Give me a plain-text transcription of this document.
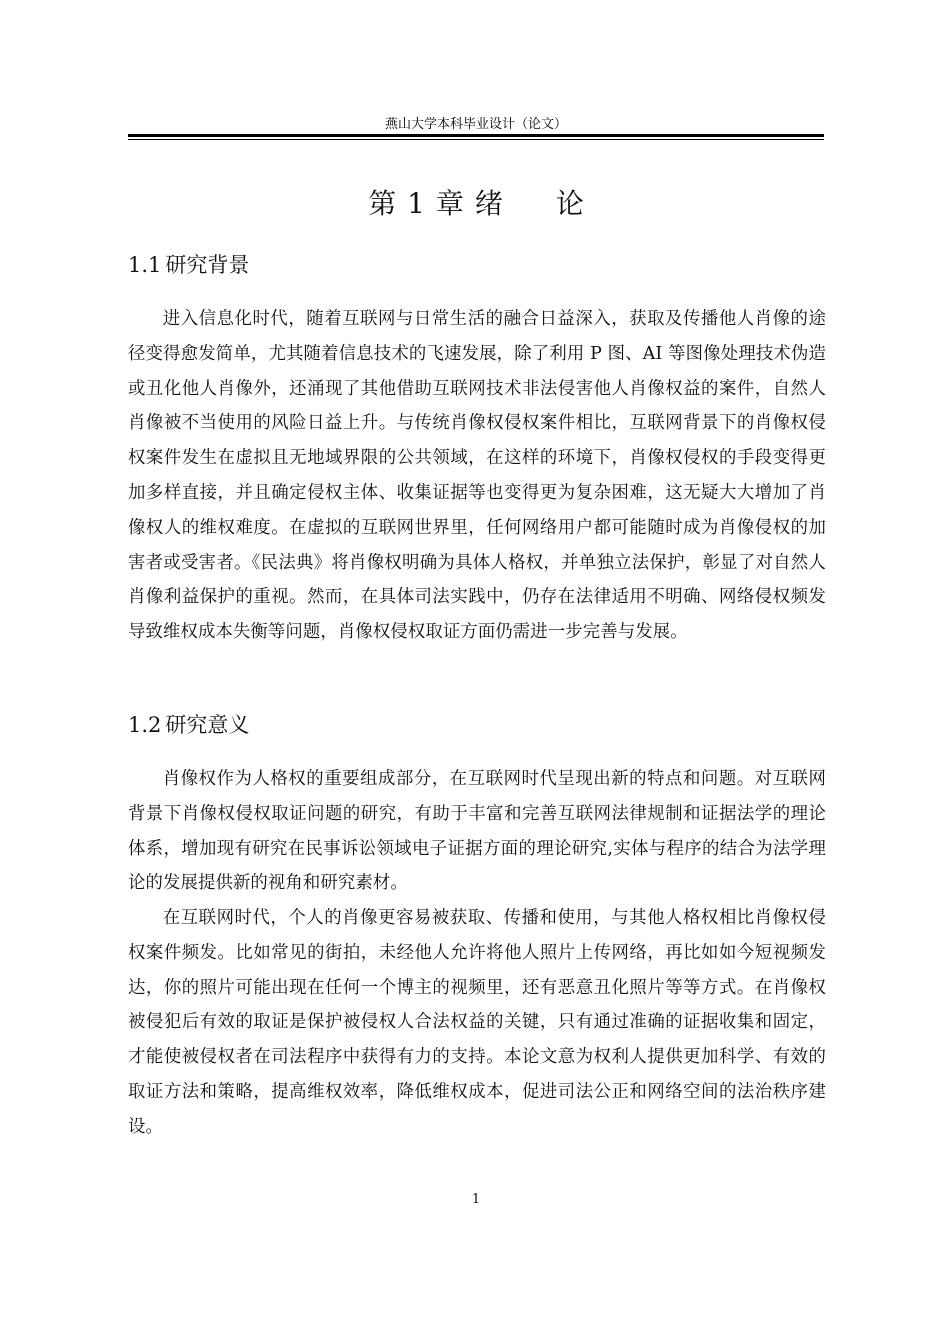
燕山大学本科毕业设计（论文）
第 1 章 绪 论
1.1 研究背景

进入信息化时代，随着互联网与日常生活的融合日益深入，获取及传播他人肖像的途径变得愈发简单，尤其随着信息技术的飞速发展，除了利用 P 图、AI 等图像处理技术伪造或丑化他人肖像外，还涌现了其他借助互联网技术非法侵害他人肖像权益的案件，自然人肖像被不当使用的风险日益上升。与传统肖像权侵权案件相比，互联网背景下的肖像权侵权案件发生在虚拟且无地域界限的公共领域，在这样的环境下，肖像权侵权的手段变得更加多样直接，并且确定侵权主体、收集证据等也变得更为复杂困难，这无疑大大增加了肖像权人的维权难度。在虚拟的互联网世界里，任何网络用户都可能随时成为肖像侵权的加害者或受害者。《民法典》将肖像权明确为具体人格权，并单独立法保护，彰显了对自然人肖像利益保护的重视。然而，在具体司法实践中，仍存在法律适用不明确、网络侵权频发导致维权成本失衡等问题，肖像权侵权取证方面仍需进一步完善与发展。

1.2 研究意义

肖像权作为人格权的重要组成部分，在互联网时代呈现出新的特点和问题。对互联网背景下肖像权侵权取证问题的研究，有助于丰富和完善互联网法律规制和证据法学的理论体系，增加现有研究在民事诉讼领域电子证据方面的理论研究,实体与程序的结合为法学理论的发展提供新的视角和研究素材。

在互联网时代，个人的肖像更容易被获取、传播和使用，与其他人格权相比肖像权侵权案件频发。比如常见的街拍，未经他人允许将他人照片上传网络，再比如如今短视频发达，你的照片可能出现在任何一个博主的视频里，还有恶意丑化照片等等方式。在肖像权被侵犯后有效的取证是保护被侵权人合法权益的关键，只有通过准确的证据收集和固定，才能使被侵权者在司法程序中获得有力的支持。本论文意为权利人提供更加科学、有效的取证方法和策略，提高维权效率，降低维权成本，促进司法公正和网络空间的法治秩序建设。

1
